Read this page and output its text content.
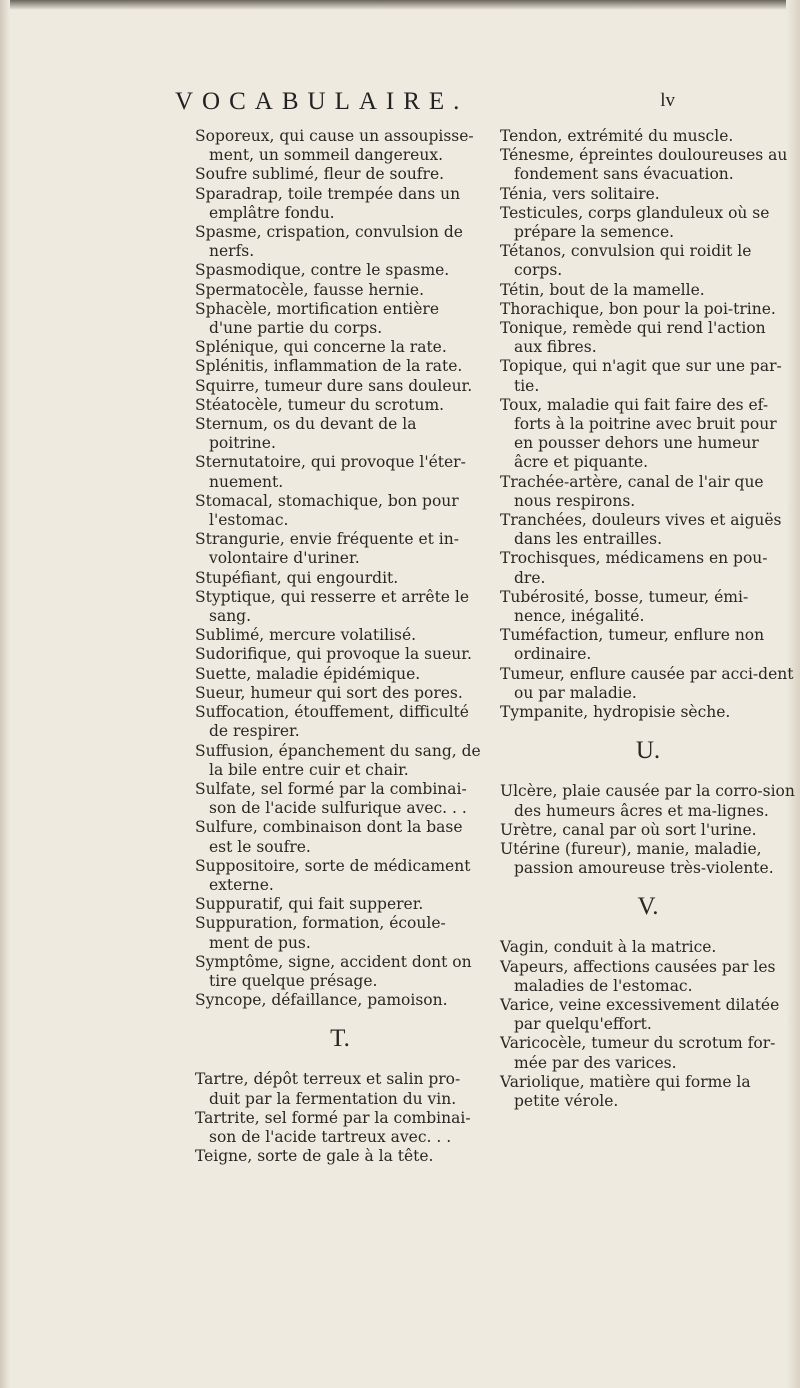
VOCABULAIRE.	lv

Soporeux, qui cause un assoupisse-ment, un sommeil dangereux.

Soufre sublimé, fleur de soufre.

Sparadrap, toile trempée dans un emplâtre fondu.

Spasme, crispation, convulsion de nerfs.

Spasmodique, contre le spasme.

Spermatocèle, fausse hernie.

Sphacèle, mortification entière d'une partie du corps.

Splénique, qui concerne la rate.

Splénitis, inflammation de la rate.

Squirre, tumeur dure sans douleur.

Stéatocèle, tumeur du scrotum.

Sternum, os du devant de la poitrine.

Sternutatoire, qui provoque l'éter-nuement.

Stomacal, stomachique, bon pour l'estomac.

Strangurie, envie fréquente et in-volontaire d'uriner.

Stupéfiant, qui engourdit.

Styptique, qui resserre et arrête le sang.

Sublimé, mercure volatilisé.

Sudorifique, qui provoque la sueur.

Suette, maladie épidémique.

Sueur, humeur qui sort des pores.

Suffocation, étouffement, difficulté de respirer.

Suffusion, épanchement du sang, de la bile entre cuir et chair.

Sulfate, sel formé par la combinai-son de l'acide sulfurique avec. . .

Sulfure, combinaison dont la base est le soufre.

Suppositoire, sorte de médicament externe.

Suppuratif, qui fait supperer.

Suppuration, formation, écoule-ment de pus.

Symptôme, signe, accident dont on tire quelque présage.

Syncope, défaillance, pamoison.

T.

Tartre, dépôt terreux et salin pro-duit par la fermentation du vin.

Tartrite, sel formé par la combinai-son de l'acide tartreux avec. . .

Teigne, sorte de gale à la tête.

Tendon, extrémité du muscle.

Ténesme, épreintes douloureuses au fondement sans évacuation.

Ténia, vers solitaire.

Testicules, corps glanduleux où se prépare la semence.

Tétanos, convulsion qui roidit le corps.

Tétin, bout de la mamelle.

Thorachique, bon pour la poi-trine.

Tonique, remède qui rend l'action aux fibres.

Topique, qui n'agit que sur une par-tie.

Toux, maladie qui fait faire des ef-forts à la poitrine avec bruit pour en pousser dehors une humeur âcre et piquante.

Trachée-artère, canal de l'air que nous respirons.

Tranchées, douleurs vives et aiguës dans les entrailles.

Trochisques, médicamens en pou-dre.

Tubérosité, bosse, tumeur, émi-nence, inégalité.

Tuméfaction, tumeur, enflure non ordinaire.

Tumeur, enflure causée par acci-dent ou par maladie.

Tympanite, hydropisie sèche.

U.

Ulcère, plaie causée par la corro-sion des humeurs âcres et ma-lignes.

Urètre, canal par où sort l'urine.

Utérine (fureur), manie, maladie, passion amoureuse très-violente.

V.

Vagin, conduit à la matrice.

Vapeurs, affections causées par les maladies de l'estomac.

Varice, veine excessivement dilatée par quelqu'effort.

Varicocèle, tumeur du scrotum for-mée par des varices.

Variolique, matière qui forme la petite vérole.
